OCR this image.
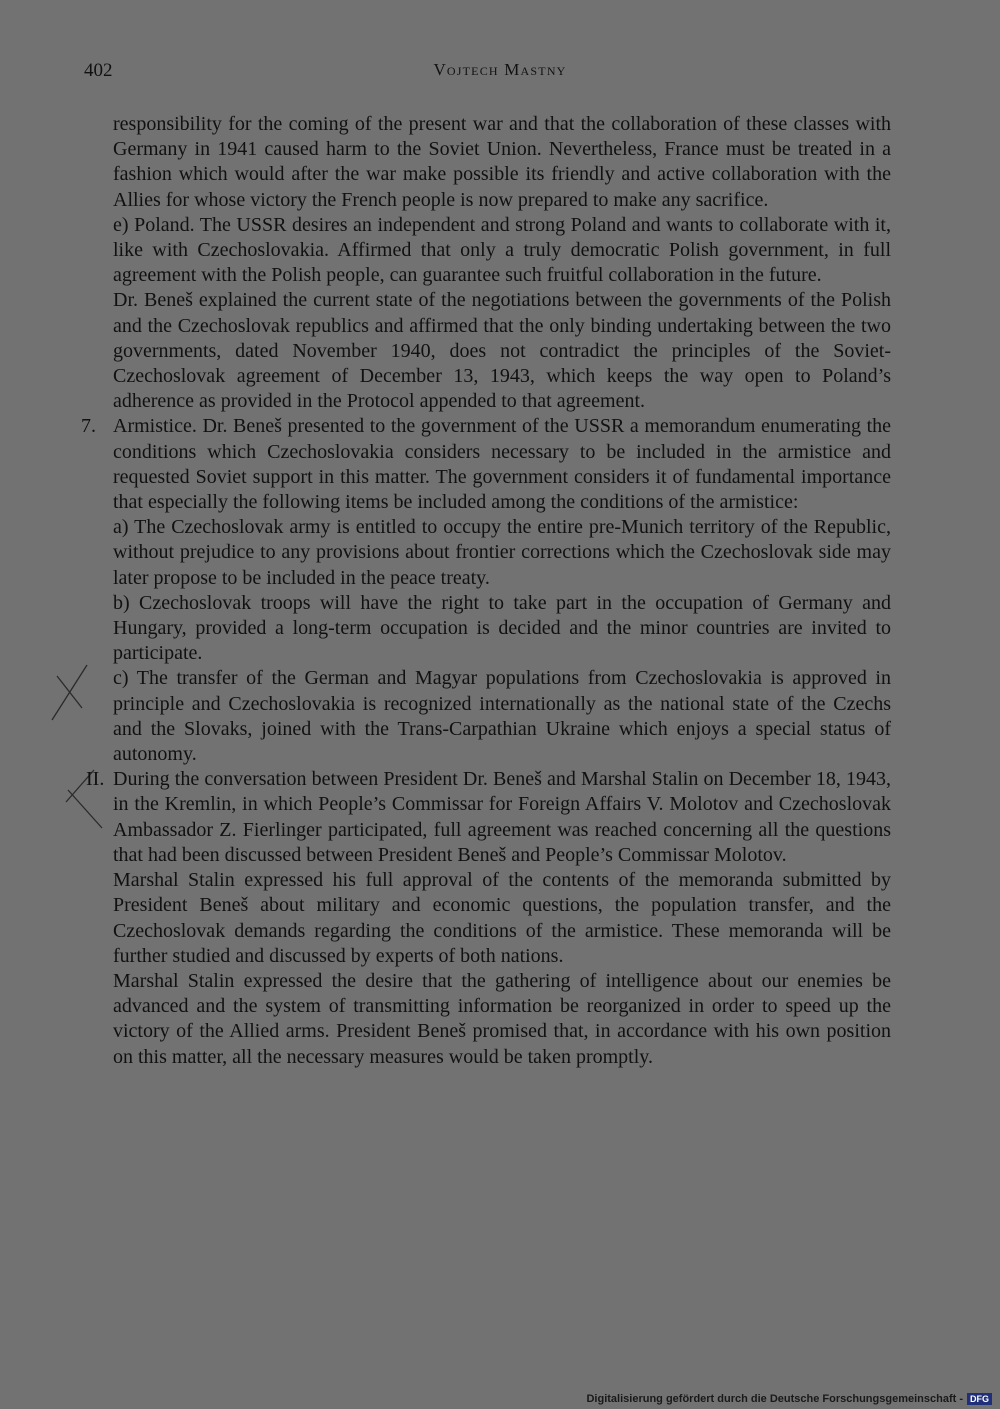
402	Vojtech Mastny

responsibility for the coming of the present war and that the collaboration of these classes with Germany in 1941 caused harm to the Soviet Union. Nevertheless, France must be treated in a fashion which would after the war make possible its friendly and active collaboration with the Allies for whose victory the French people is now prepared to make any sacrifice.

e) Poland. The USSR desires an independent and strong Poland and wants to collaborate with it, like with Czechoslovakia. Affirmed that only a truly democratic Polish government, in full agreement with the Polish people, can guarantee such fruitful collaboration in the future.

Dr. Beneš explained the current state of the negotiations between the governments of the Polish and the Czechoslovak republics and affirmed that the only binding undertaking between the two governments, dated November 1940, does not contradict the principles of the Soviet-Czechoslovak agreement of December 13, 1943, which keeps the way open to Poland’s adherence as provided in the Protocol appended to that agreement.

7. Armistice. Dr. Beneš presented to the government of the USSR a memorandum enumerating the conditions which Czechoslovakia considers necessary to be included in the armistice and requested Soviet support in this matter. The government considers it of fundamental importance that especially the following items be included among the conditions of the armistice:

a) The Czechoslovak army is entitled to occupy the entire pre-Munich territory of the Republic, without prejudice to any provisions about frontier corrections which the Czechoslovak side may later propose to be included in the peace treaty.

b) Czechoslovak troops will have the right to take part in the occupation of Germany and Hungary, provided a long-term occupation is decided and the minor countries are invited to participate.

c) The transfer of the German and Magyar populations from Czechoslovakia is approved in principle and Czechoslovakia is recognized internationally as the national state of the Czechs and the Slovaks, joined with the Trans-Carpathian Ukraine which enjoys a special status of autonomy.

II. During the conversation between President Dr. Beneš and Marshal Stalin on December 18, 1943, in the Kremlin, in which People’s Commissar for Foreign Affairs V. Molotov and Czechoslovak Ambassador Z. Fierlinger participated, full agreement was reached concerning all the questions that had been discussed between President Beneš and People’s Commissar Molotov.

Marshal Stalin expressed his full approval of the contents of the memoranda submitted by President Beneš about military and economic questions, the population transfer, and the Czechoslovak demands regarding the conditions of the armistice. These memoranda will be further studied and discussed by experts of both nations.

Marshal Stalin expressed the desire that the gathering of intelligence about our enemies be advanced and the system of transmitting information be reorganized in order to speed up the victory of the Allied arms. President Beneš promised that, in accordance with his own position on this matter, all the necessary measures would be taken promptly.

Digitalisierung gefördert durch die Deutsche Forschungsgemeinschaft - DFG
